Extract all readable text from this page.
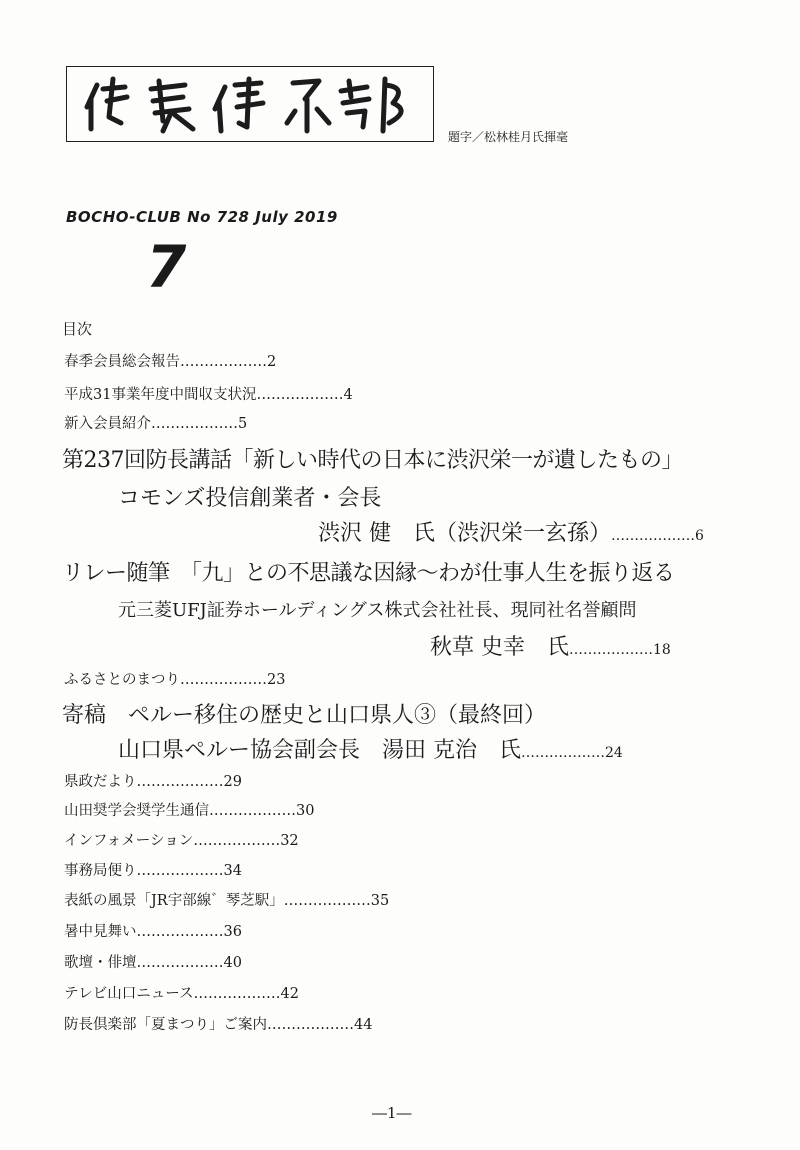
題字／松林桂月氏揮毫
BOCHO-CLUB No 728 July 2019
7
目次
春季会員総会報告………………2
平成31事業年度中間収支状況………………4
新入会員紹介………………5
第237回防長講話「新しい時代の日本に渋沢栄一が遺したもの」
コモンズ投信創業者・会長
渋沢 健　氏（渋沢栄一玄孫）………………6
リレー随筆　「九」との不思議な因縁～わが仕事人生を振り返る
元三菱UFJ証券ホールディングス株式会社社長、現同社名誉顧問
秋草 史幸　氏………………18
ふるさとのまつり………………23
寄稿　ペルー移住の歴史と山口県人③（最終回）
山口県ペルー協会副会長　湯田 克治　氏………………24
県政だより………………29
山田奨学会奨学生通信………………30
インフォメーション………………32
事務局便り………………34
表紙の風景「JR宇部線゛琴芝駅」………………35
暑中見舞い………………36
歌壇・俳壇………………40
テレビ山口ニュース………………42
防長倶楽部「夏まつり」ご案内………………44
―1―
